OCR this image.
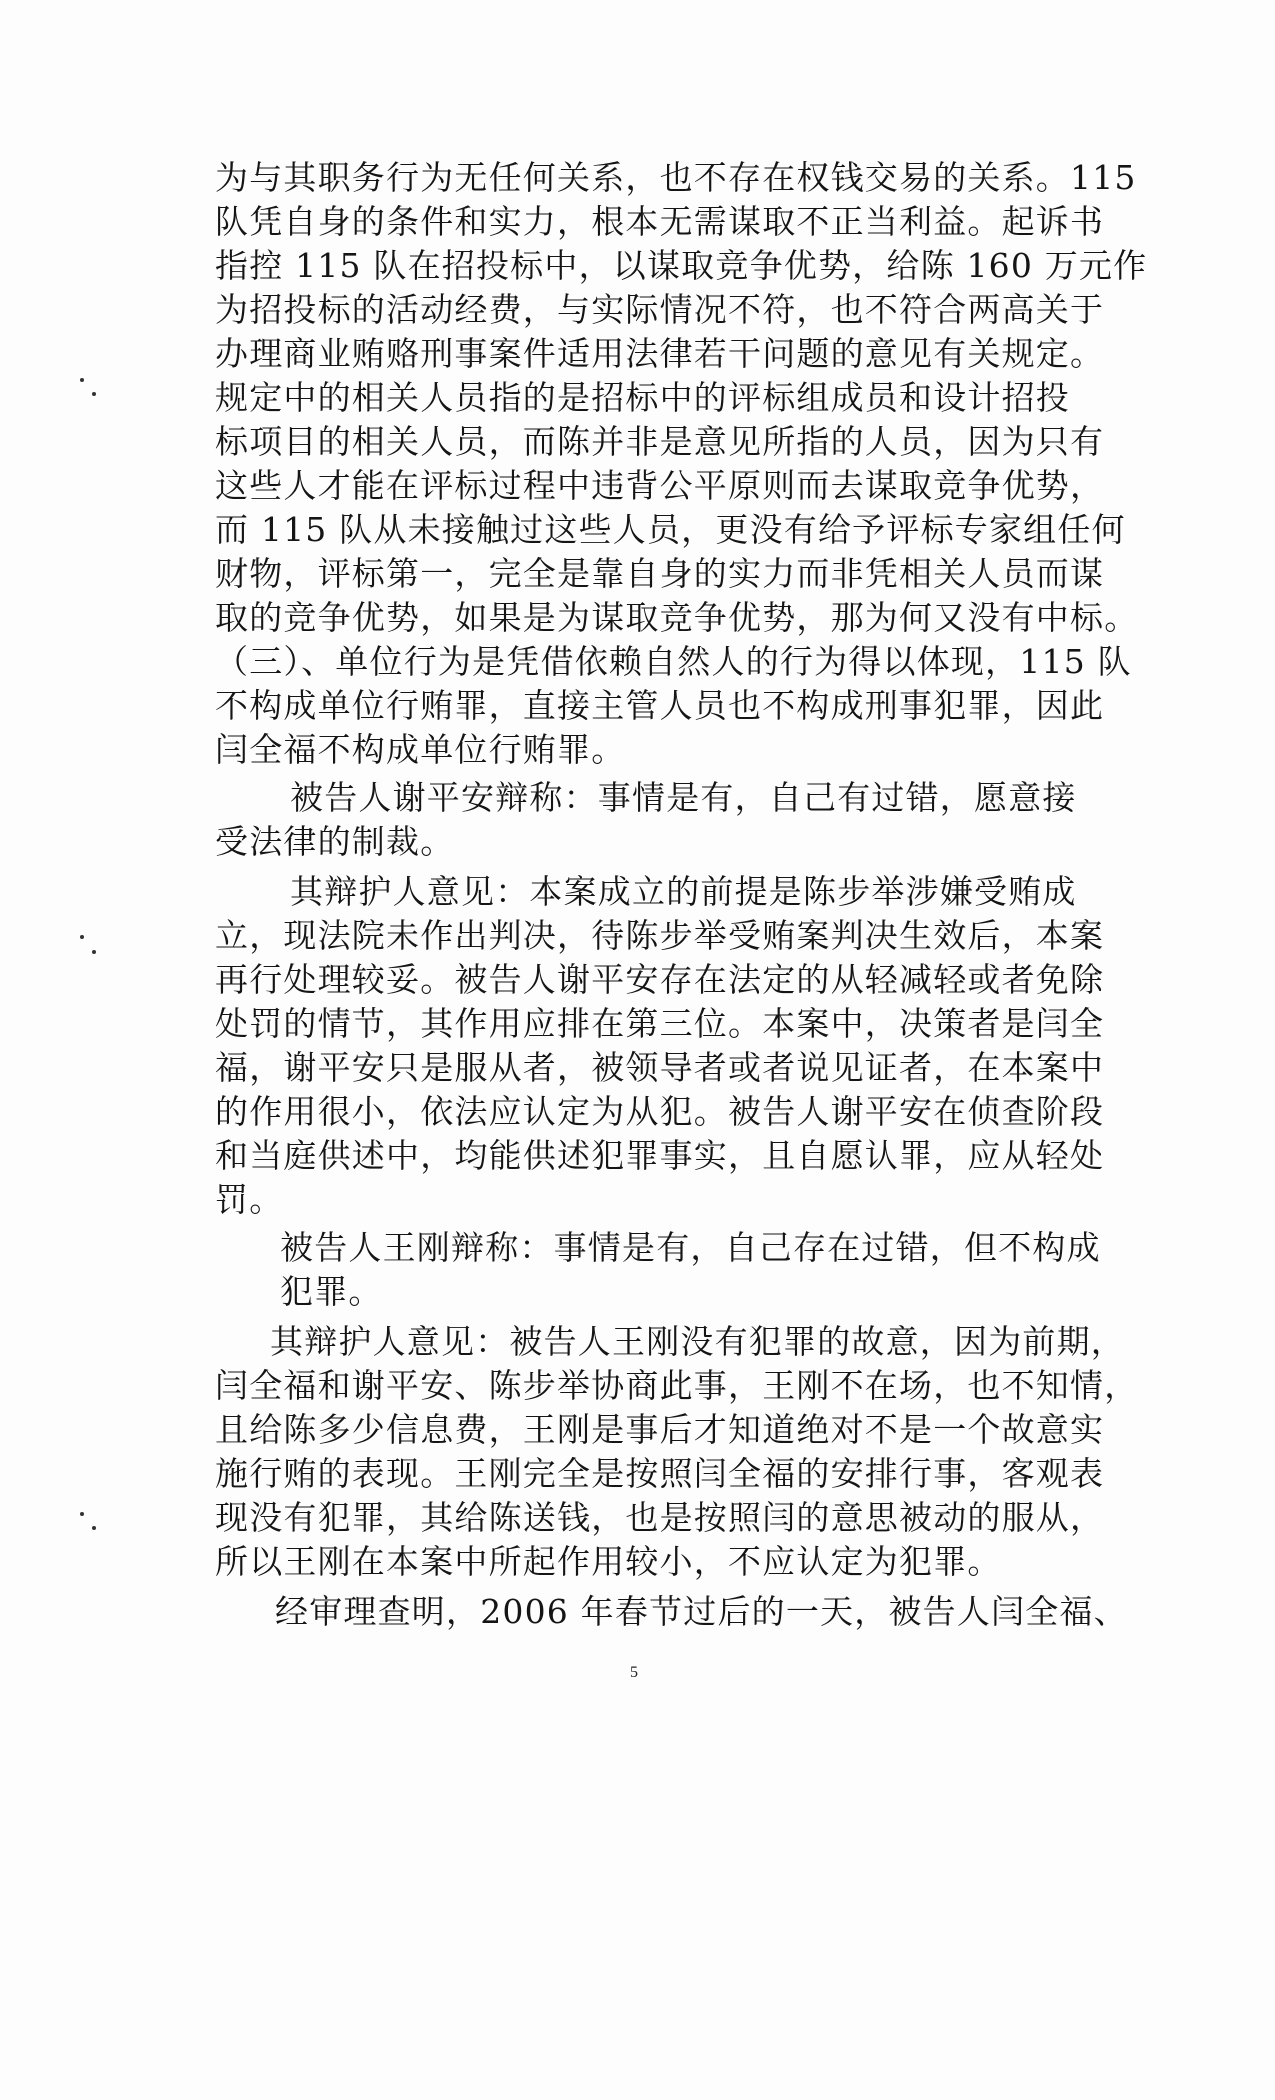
为与其职务行为无任何关系，也不存在权钱交易的关系。115
队凭自身的条件和实力，根本无需谋取不正当利益。起诉书
指控 115 队在招投标中，以谋取竞争优势，给陈 160 万元作
为招投标的活动经费，与实际情况不符，也不符合两高关于
办理商业贿赂刑事案件适用法律若干问题的意见有关规定。
规定中的相关人员指的是招标中的评标组成员和设计招投
标项目的相关人员，而陈并非是意见所指的人员，因为只有
这些人才能在评标过程中违背公平原则而去谋取竞争优势，
而 115 队从未接触过这些人员，更没有给予评标专家组任何
财物，评标第一，完全是靠自身的实力而非凭相关人员而谋
取的竞争优势，如果是为谋取竞争优势，那为何又没有中标。
（三）、单位行为是凭借依赖自然人的行为得以体现，115 队
不构成单位行贿罪，直接主管人员也不构成刑事犯罪，因此
闫全福不构成单位行贿罪。
被告人谢平安辩称：事情是有，自己有过错，愿意接
受法律的制裁。
其辩护人意见：本案成立的前提是陈步举涉嫌受贿成
立，现法院未作出判决，待陈步举受贿案判决生效后，本案
再行处理较妥。被告人谢平安存在法定的从轻减轻或者免除
处罚的情节，其作用应排在第三位。本案中，决策者是闫全
福，谢平安只是服从者，被领导者或者说见证者，在本案中
的作用很小，依法应认定为从犯。被告人谢平安在侦查阶段
和当庭供述中，均能供述犯罪事实，且自愿认罪，应从轻处
罚。
被告人王刚辩称：事情是有，自己存在过错，但不构成
犯罪。
其辩护人意见：被告人王刚没有犯罪的故意，因为前期，
闫全福和谢平安、陈步举协商此事，王刚不在场，也不知情，
且给陈多少信息费，王刚是事后才知道绝对不是一个故意实
施行贿的表现。王刚完全是按照闫全福的安排行事，客观表
现没有犯罪，其给陈送钱，也是按照闫的意思被动的服从，
所以王刚在本案中所起作用较小，不应认定为犯罪。
经审理查明，2006 年春节过后的一天，被告人闫全福、
5
